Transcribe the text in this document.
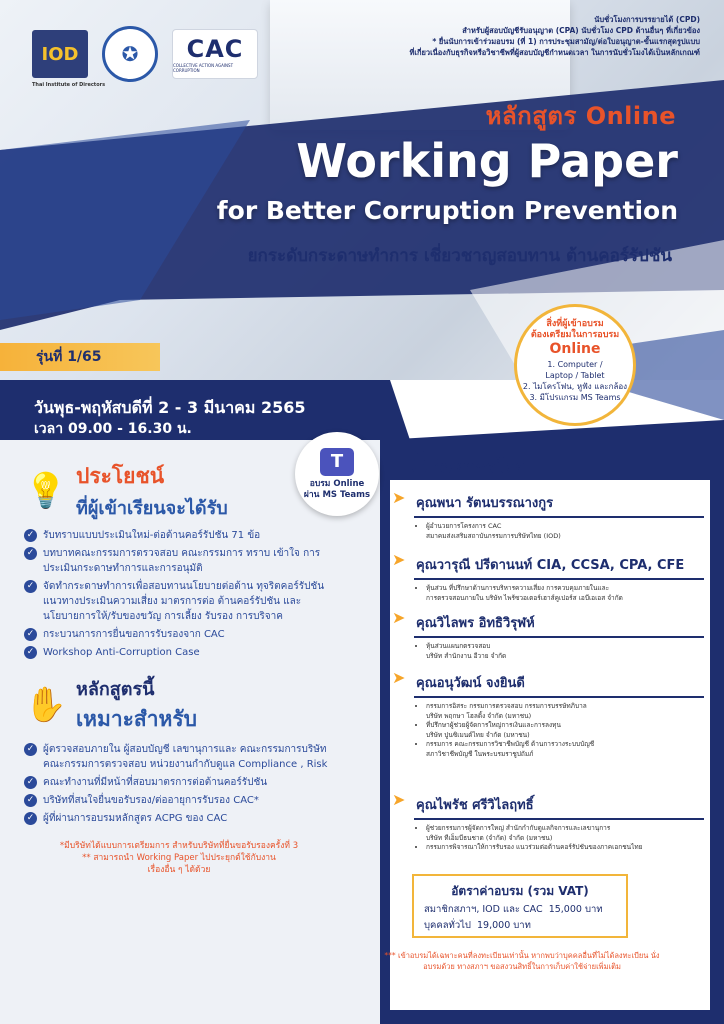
IOD
Thai Institute of Directors
✪	CAC
COLLECTIVE ACTION AGAINST CORRUPTION
นับชั่วโมงการบรรยายได้ (CPD)
สำหรับผู้สอบบัญชีรับอนุญาต (CPA) นับชั่วโมง CPD ด้านอื่นๆ ที่เกี่ยวข้อง
* ยื่นนับการเข้าร่วมอบรม (ที่ 1) การประชุมสามัญ/ต่อใบอนุญาต-ขั้นแรกสุดรูปแบบ
ที่เกี่ยวเนื่องกับธุรกิจหรือวิชาชีพที่ผู้สอบบัญชีกำหนดเวลา ในการนับชั่วโมงได้เป็นหลักเกณฑ์
หลักสูตร Online
Working Paper
for Better Corruption Prevention
ยกระดับกระดาษทำการ เชี่ยวชาญสอบทาน ต้านคอร์รัปชัน
สิ่งที่ผู้เข้าอบรม
ต้องเตรียมในการอบรม
Online
1. Computer /
Laptop / Tablet
2. ไมโครโฟน, หูฟัง และกล้อง
3. มีโปรแกรม MS Teams
รุ่นที่ 1/65
วันพุธ-พฤหัสบดีที่ 2 - 3 มีนาคม 2565
เวลา 09.00 - 16.30 น.
T
อบรม Online
ผ่าน MS Teams
💡 ประโยชน์
ที่ผู้เข้าเรียนจะได้รับ
✓ รับทราบแบบประเมินใหม่-ต่อต้านคอร์รัปชัน 71 ข้อ
✓ บทบาทคณะกรรมการตรวจสอบ คณะกรรมการ ทราบ เข้าใจ การประเมินกระดาษทำการและการอนุมัติ
✓ จัดทำกระดาษทำการเพื่อสอบทานนโยบายต่อต้าน ทุจริตคอร์รัปชัน แนวทางประเมินความเสี่ยง มาตรการต่อ ต้านคอร์รัปชัน และนโยบายการให้/รับของขวัญ การเลี้ยง รับรอง การบริจาค
✓ กระบวนการการยื่นขอการรับรองจาก CAC
✓ Workshop Anti-Corruption Case
✋ หลักสูตรนี้
เหมาะสำหรับ
✓ ผู้ตรวจสอบภายใน ผู้สอบบัญชี เลขานุการและ คณะกรรมการบริษัท คณะกรรมการตรวจสอบ หน่วยงานกำกับดูแล Compliance , Risk
✓ คณะทำงานที่มีหน้าที่สอบมาตรการต่อต้านคอร์รัปชัน
✓ บริษัทที่สนใจยื่นขอรับรอง/ต่ออายุการรับรอง CAC*
✓ ผู้ที่ผ่านการอบรมหลักสูตร ACPG ของ CAC
*มีบริษัทได้แบบการเตรียมการ สำหรับบริษัทที่ยื่นขอรับรองครั้งที่ 3
** สามารถนำ Working Paper ไปประยุกต์ใช้กับงาน
เรื่องอื่น ๆ ได้ด้วย
8 วิทยากรโดย
➤ คุณพนา รัตนบรรณางกูร
• ผู้อำนวยการโครงการ CAC
สมาคมส่งเสริมสถาบันกรรมการบริษัทไทย (IOD)
➤ คุณวารุณี ปรีดานนท์ CIA, CCSA, CPA, CFE
• หุ้นส่วน ที่ปรึกษาด้านการบริหารความเสี่ยง การควบคุมภายในและ
การตรวจสอบภายใน บริษัท ไพร้ซวอเตอร์เฮาส์คูเปอร์ส เอบีเอเอส จำกัด
➤ คุณวิไลพร อิทธิวิรุฬห์
• หุ้นส่วนแผนกตรวจสอบ
บริษัท สำนักงาน อีวาย จำกัด
➤ คุณอนุวัฒน์ จงยินดี
• กรรมการอิสระ กรรมการตรวจสอบ กรรมการบรรษัทภิบาล
บริษัท พฤกษา โฮลดิ้ง จำกัด (มหาชน)
• ที่ปรึกษาผู้ช่วยผู้จัดการใหญ่การเงินและการลงทุน
บริษัท ปูนซิเมนต์ไทย จำกัด (มหาชน)
• กรรมการ คณะกรรมการวิชาชีพบัญชี ด้านการวางระบบบัญชี
สภาวิชาชีพบัญชี ในพระบรมราชูปถัมภ์
➤ คุณไพรัช ศรีวิไลฤทธิ์
• ผู้ช่วยกรรมการผู้จัดการใหญ่ สำนักกำกับดูแลกิจการและเลขานุการ
บริษัท ทีเอ็มบีธนชาต (จำกัด) จำกัด (มหาชน)
• กรรมการพิจารณาให้การรับรอง แนวร่วมต่อต้านคอร์รัปชันของภาคเอกชนไทย
อัตราค่าอบรม (รวม VAT)
สมาชิกสภาฯ, IOD และ CAC 15,000 บาท
บุคคลทั่วไป 19,000 บาท
*** เข้าอบรมได้เฉพาะคนที่ลงทะเบียนเท่านั้น หากพบว่าบุคคลอื่นที่ไม่ได้ลงทะเบียน นั่งอบรมด้วย ทางสภาฯ ขอสงวนสิทธิ์ในการเก็บค่าใช้จ่ายเพิ่มเติม
